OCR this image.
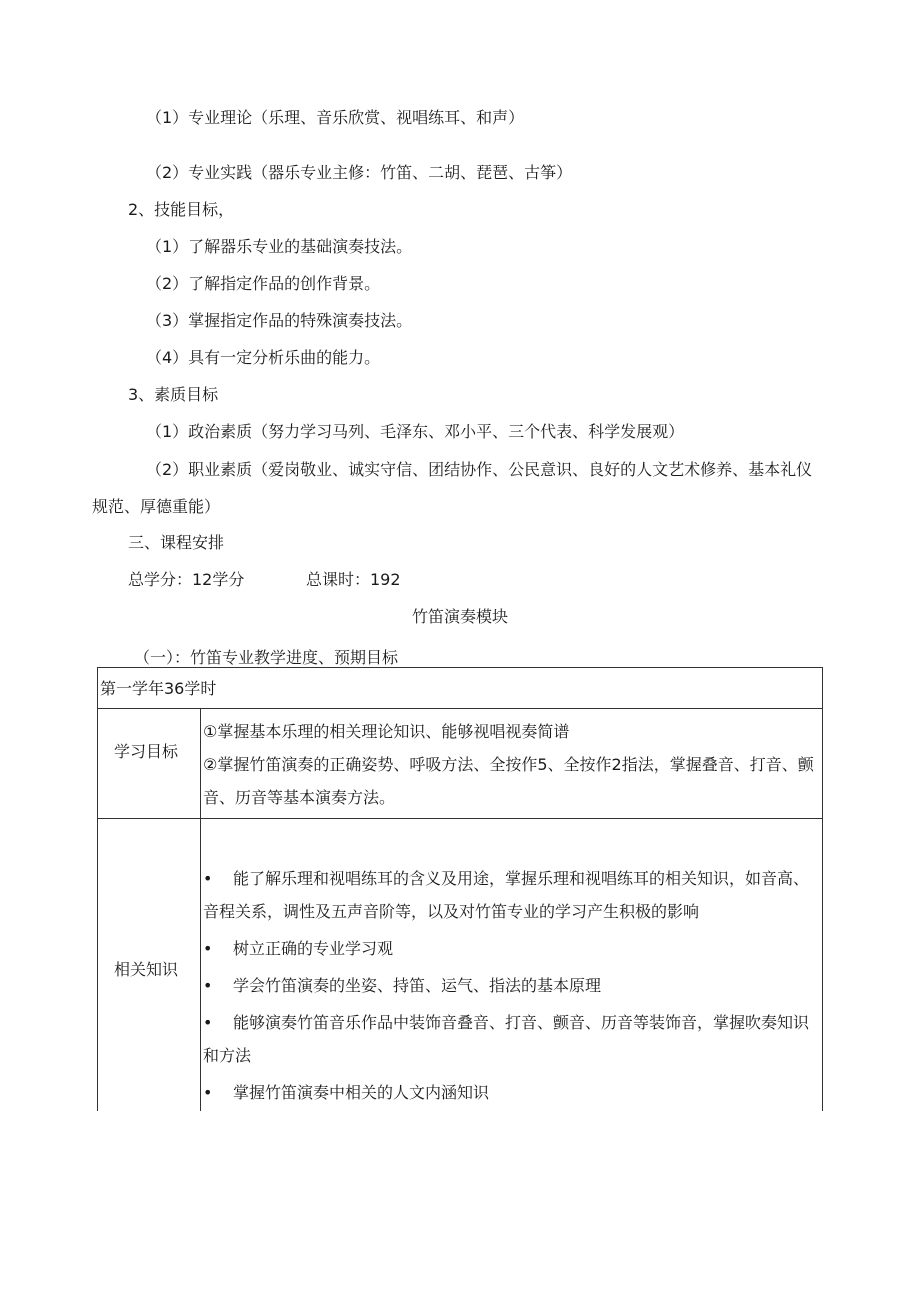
（1）专业理论（乐理、音乐欣赏、视唱练耳、和声）
（2）专业实践（器乐专业主修：竹笛、二胡、琵琶、古筝）
2、技能目标，
（1）了解器乐专业的基础演奏技法。
（2）了解指定作品的创作背景。
（3）掌握指定作品的特殊演奏技法。
（4）具有一定分析乐曲的能力。
3、素质目标
（1）政治素质（努力学习马列、毛泽东、邓小平、三个代表、科学发展观）
（2）职业素质（爱岗敬业、诚实守信、团结协作、公民意识、良好的人文艺术修养、基本礼仪规范、厚德重能）
三、课程安排
总学分：12学分	总课时：192
竹笛演奏模块
（一）：竹笛专业教学进度、预期目标
第一学年36学时
学习目标
①掌握基本乐理的相关理论知识、能够视唱视奏简谱
②掌握竹笛演奏的正确姿势、呼吸方法、全按作5、全按作2指法，掌握叠音、打音、颤音、历音等基本演奏方法。
相关知识
• 能了解乐理和视唱练耳的含义及用途，掌握乐理和视唱练耳的相关知识，如音高、音程关系，调性及五声音阶等，以及对竹笛专业的学习产生积极的影响
• 树立正确的专业学习观
• 学会竹笛演奏的坐姿、持笛、运气、指法的基本原理
• 能够演奏竹笛音乐作品中装饰音叠音、打音、颤音、历音等装饰音，掌握吹奏知识和方法
• 掌握竹笛演奏中相关的人文内涵知识
